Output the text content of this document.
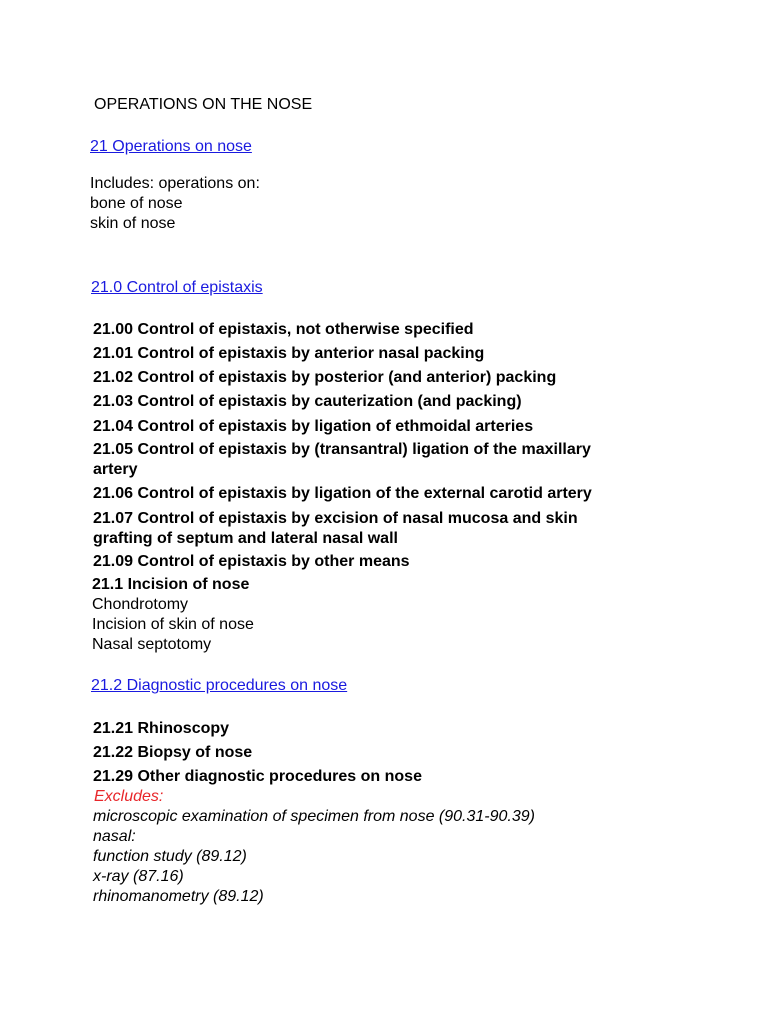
OPERATIONS ON THE NOSE
21 Operations on nose
Includes: operations on:
bone of nose
skin of nose
21.0 Control of epistaxis
21.00 Control of epistaxis, not otherwise specified
21.01 Control of epistaxis by anterior nasal packing
21.02 Control of epistaxis by posterior (and anterior) packing
21.03 Control of epistaxis by cauterization (and packing)
21.04 Control of epistaxis by ligation of ethmoidal arteries
21.05 Control of epistaxis by (transantral) ligation of the maxillary artery
21.06 Control of epistaxis by ligation of the external carotid artery
21.07 Control of epistaxis by excision of nasal mucosa and skin grafting of septum and lateral nasal wall
21.09 Control of epistaxis by other means
21.1 Incision of nose
Chondrotomy
Incision of skin of nose
Nasal septotomy
21.2 Diagnostic procedures on nose
21.21 Rhinoscopy
21.22 Biopsy of nose
21.29 Other diagnostic procedures on nose
Excludes:
microscopic examination of specimen from nose (90.31-90.39)
nasal:
function study (89.12)
x-ray (87.16)
rhinomanometry (89.12)
